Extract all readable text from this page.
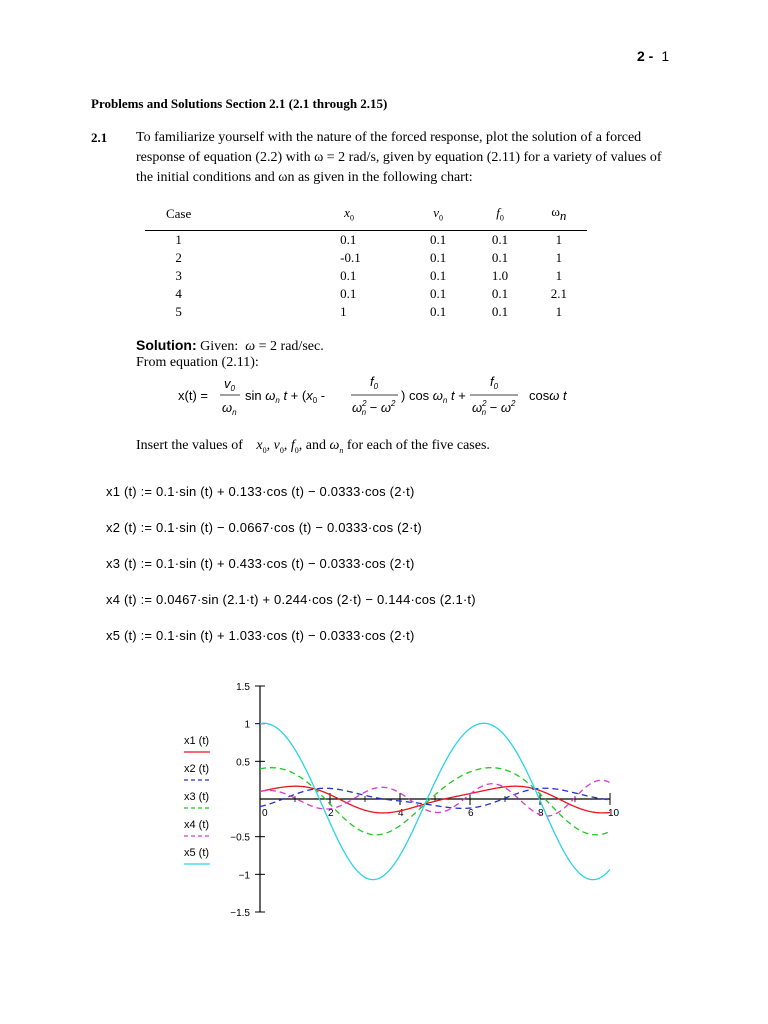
2 - 1
Problems and Solutions Section 2.1 (2.1 through 2.15)
2.1 To familiarize yourself with the nature of the forced response, plot the solution of a forced response of equation (2.2) with ω = 2 rad/s, given by equation (2.11) for a variety of values of the initial conditions and ωn as given in the following chart:
Case	$x_0$	$v_0$	$f_0$	$\omega_n$
1	0.1	0.1	0.1	1
2	-0.1	0.1	0.1	1
3	0.1	0.1	1.0	1
4	0.1	0.1	0.1	2.1
5	1	0.1	0.1	1
Solution: Given:  ω = 2 rad/sec.
From equation (2.11):
x(t) =
$v_0$
$\omega_n$
$\sin \omega_n$ $t + (x_0$ -
$f_0$
$\omega^2$ $n - \omega^2$
) $\cos \omega_n$ t +
$f_0$
$\omega^2$ $n - \omega^2$
cosω t
Insert the values of $x_0$, $v_0$, $f_0$, and $\omega_n$ for each of the five cases.
x1 (t) := 0.1·sin (t) + 0.133·cos (t) − 0.0333·cos (2·t)
x2 (t) := 0.1·sin (t) − 0.0667·cos (t) − 0.0333·cos (2·t)
x3 (t) := 0.1·sin (t) + 0.433·cos (t) − 0.0333·cos (2·t)
x4 (t) := 0.0467·sin (2.1·t) + 0.244·cos (2·t) − 0.144·cos (2.1·t)
x5 (t) := 0.1·sin (t) + 1.033·cos (t) − 0.0333·cos (2·t)
1.5
1
0.5
−0.5
−1
−1.5
0	2	4	6	8	10
x1 (t)
x2 (t)
x3 (t)
x4 (t)
x5 (t)
